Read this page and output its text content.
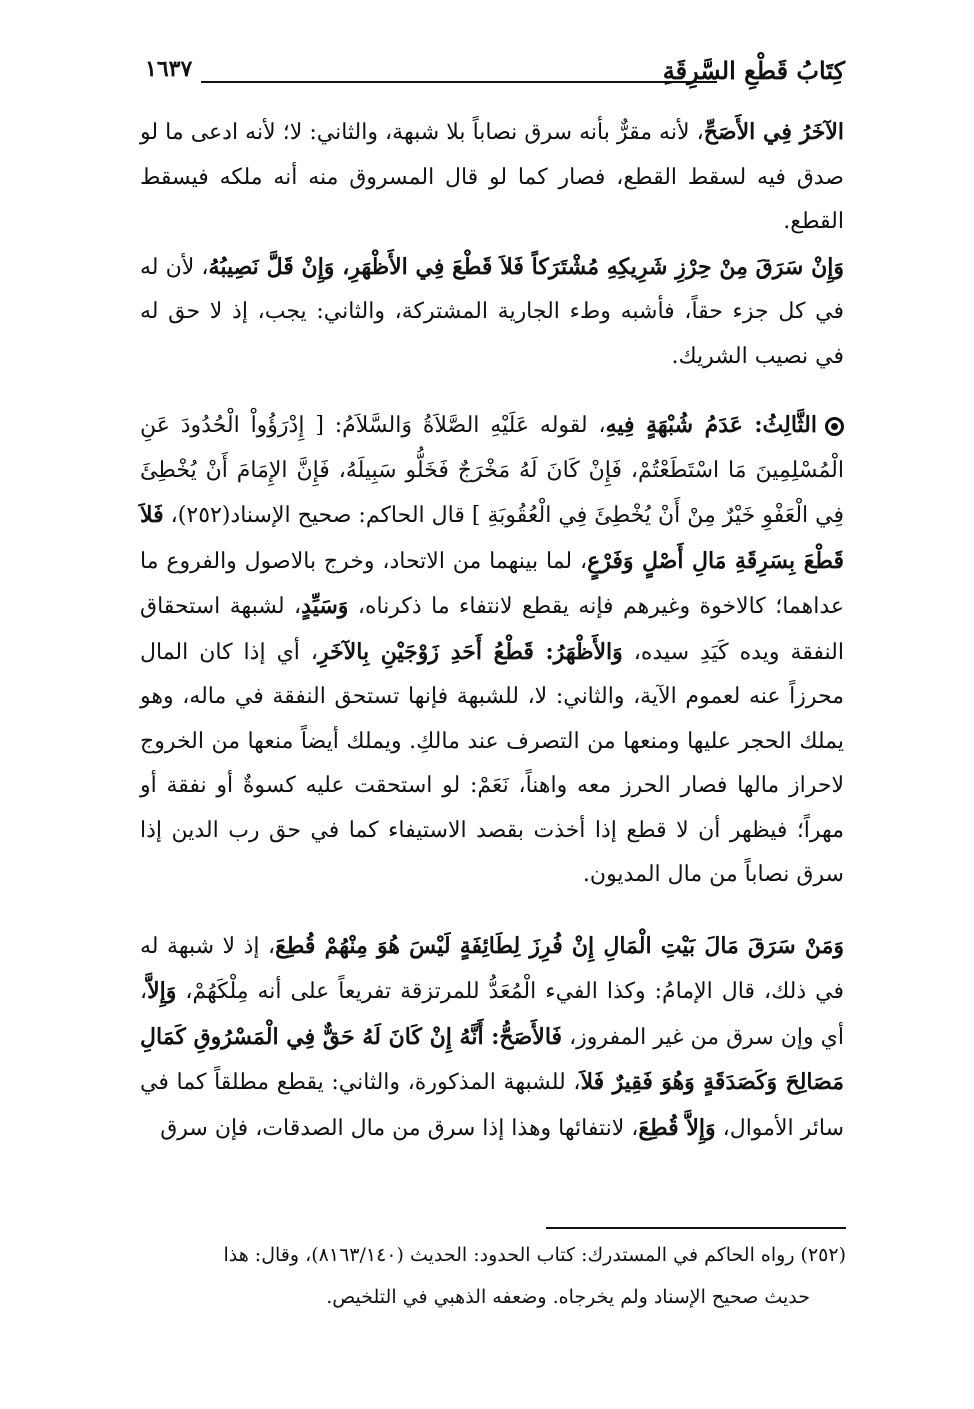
كِتَابُ قَطْعِ السَّرِقَةِ
١٦٣٧

الآخَرُ فِي الأَصَحِّ، لأنه مقرٌّ بأنه سرق نصاباً بلا شبهة، والثاني: لا؛ لأنه ادعى ما لو صدق فيه لسقط القطع، فصار كما لو قال المسروق منه أنه ملكه فيسقط القطع.

وَإِنْ سَرَقَ مِنْ حِرْزِ شَرِيكِهِ مُشْتَرَكاً فَلاَ قَطْعَ فِي الأَظْهَرِ، وَإِنْ قَلَّ نَصِيبُهُ، لأن له في كل جزء حقاً، فأشبه وطء الجارية المشتركة، والثاني: يجب، إذ لا حق له في نصيب الشريك.

الثَّالِثُ: عَدَمُ شُبْهَةٍ فِيهِ، لقوله عَلَيْهِ الصَّلاَةُ وَالسَّلاَمُ: [ إِدْرَؤُواْ الْحُدُودَ عَنِ الْمُسْلِمِينَ مَا اسْتَطَعْتُمْ، فَإِنْ كَانَ لَهُ مَخْرَجٌ فَخَلُّو سَبِيلَهُ، فَإِنَّ الإِمَامَ أَنْ يُخْطِئَ فِي الْعَفْوِ خَيْرٌ مِنْ أَنْ يُخْطِئَ فِي الْعُقُوبَةِ ] قال الحاكم: صحيح الإسناد(٢٥٢)، فَلاَ قَطْعَ بِسَرِقَةِ مَالِ أَصْلٍ وَفَرْعٍ، لما بينهما من الاتحاد، وخرج بالاصول والفروع ما عداهما؛ كالاخوة وغيرهم فإنه يقطع لانتفاء ما ذكرناه، وَسَيِّدٍ، لشبهة استحقاق النفقة ويده كَيَدِ سيده، وَالأَظْهَرُ: قَطْعُ أَحَدِ زَوْجَيْنِ بِالآخَرِ، أي إذا كان المال محرزاً عنه لعموم الآية، والثاني: لا، للشبهة فإنها تستحق النفقة في ماله، وهو يملك الحجر عليها ومنعها من التصرف عند مالكِ. ويملك أيضاً منعها من الخروج لاحراز مالها فصار الحرز معه واهناً، نَعَمْ: لو استحقت عليه كسوةٌ أو نفقة أو مهراً؛ فيظهر أن لا قطع إذا أخذت بقصد الاستيفاء كما في حق رب الدين إذا سرق نصاباً من مال المديون.

وَمَنْ سَرَقَ مَالَ بَيْتِ الْمَالِ إِنْ فُرِزَ لِطَائِفَةٍ لَيْسَ هُوَ مِنْهُمْ قُطِعَ، إذ لا شبهة له في ذلك، قال الإمامُ: وكذا الفيء الْمُعَدُّ للمرتزقة تفريعاً على أنه مِلْكَهُمْ، وَإِلاَّ، أي وإن سرق من غير المفروز، فَالأَصَحُّ: أَنَّهُ إِنْ كَانَ لَهُ حَقٌّ فِي الْمَسْرُوقِ كَمَالِ مَصَالِحَ وَكَصَدَقَةٍ وَهُوَ فَقِيرٌ فَلاَ، للشبهة المذكورة، والثاني: يقطع مطلقاً كما في سائر الأموال، وَإِلاَّ قُطِعَ، لانتفائها وهذا إذا سرق من مال الصدقات، فإن سرق

(٢٥٢) رواه الحاكم في المستدرك: كتاب الحدود: الحديث (٨١٦٣/١٤٠)، وقال: هذا
حديث صحيح الإسناد ولم يخرجاه. وضعفه الذهبي في التلخيص.
